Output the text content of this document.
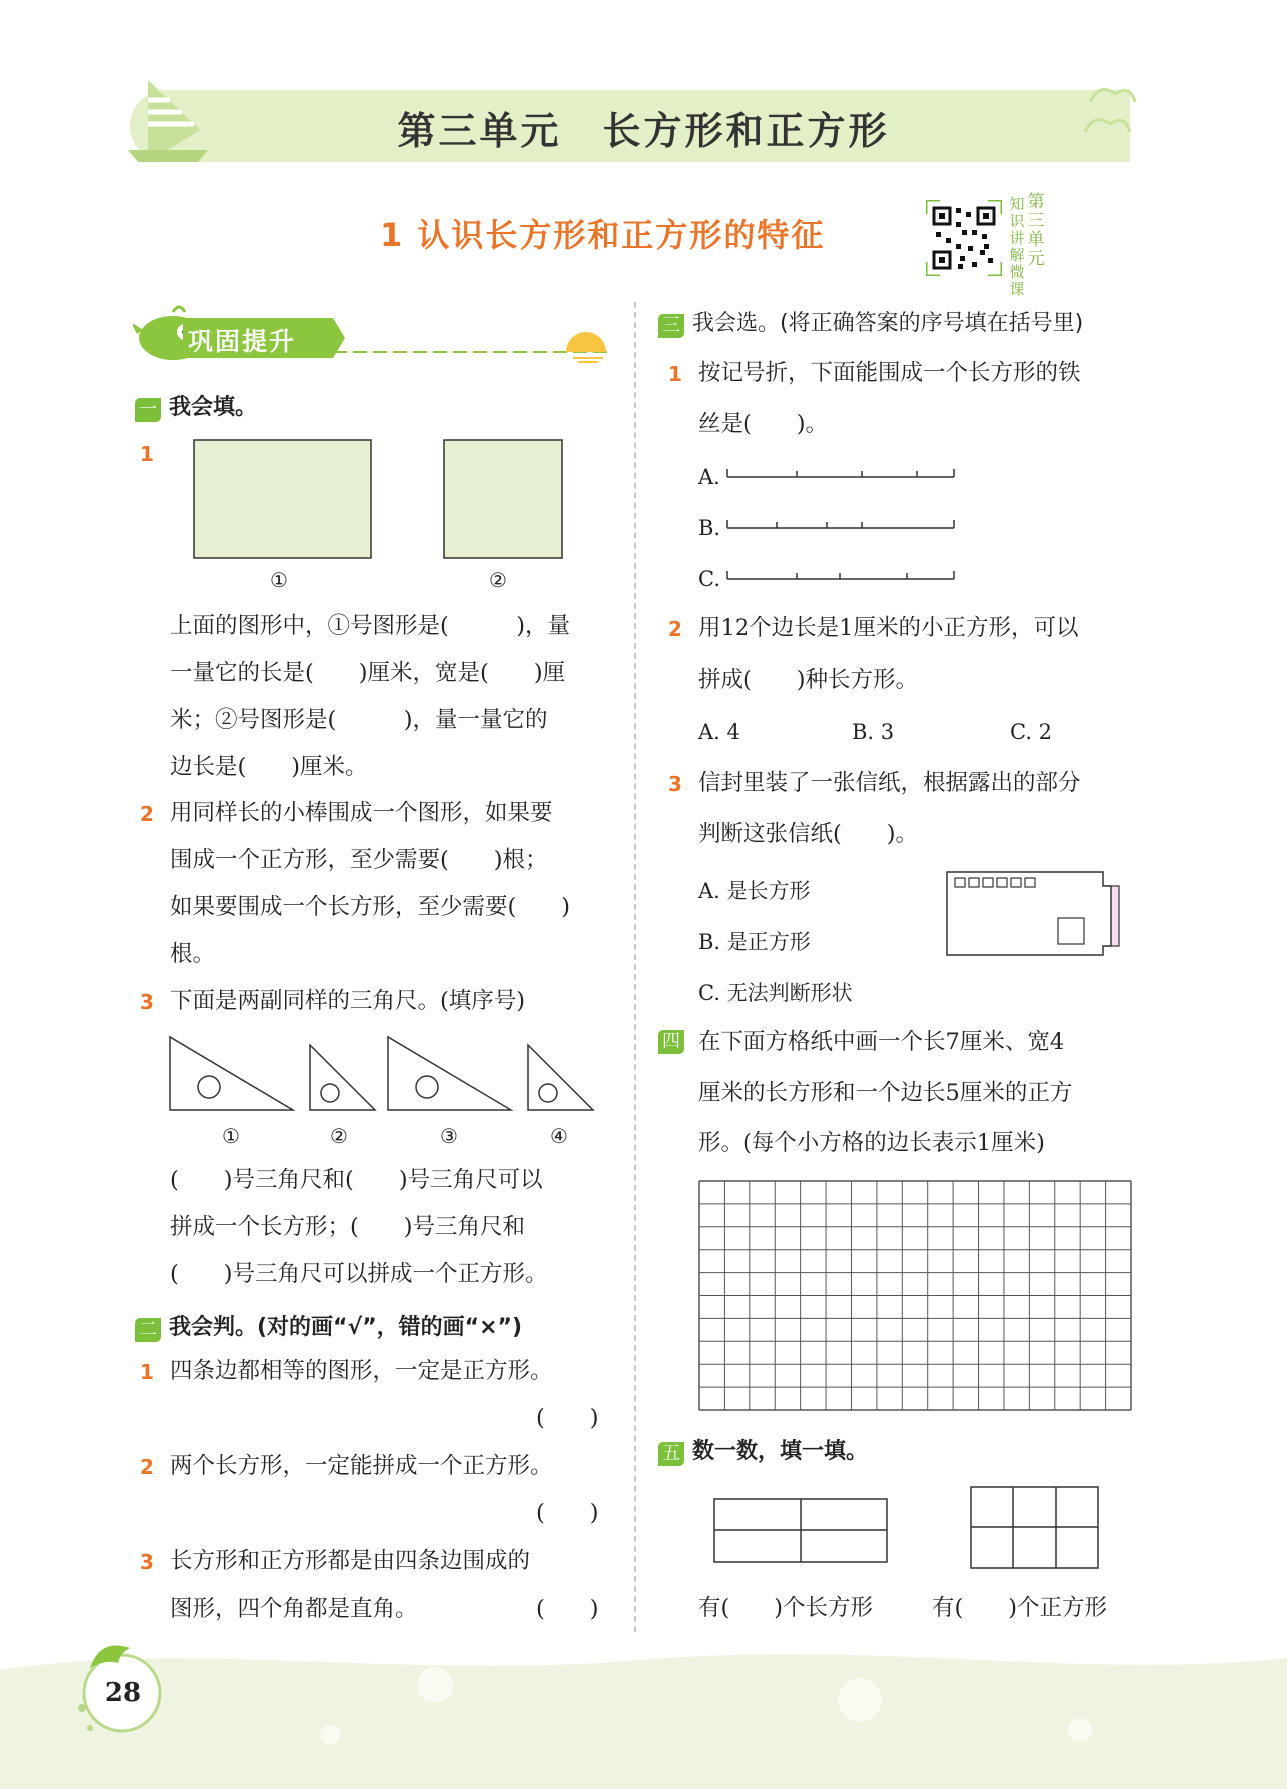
第三单元　长方形和正方形
1 认识长方形和正方形的特征
知识讲解微课
第三单元
巩固提升
一 我会填。
1
①	②
上面的图形中，①号图形是(　　　)，量
一量它的长是(　　)厘米，宽是(　　)厘
米；②号图形是(　　　)，量一量它的
边长是(　　)厘米。
2 用同样长的小棒围成一个图形，如果要
围成一个正方形，至少需要(　　)根；
如果要围成一个长方形，至少需要(　　)
根。
3 下面是两副同样的三角尺。(填序号)
①	②	③	④
(　　)号三角尺和(　　)号三角尺可以
拼成一个长方形；(　　)号三角尺和
(　　)号三角尺可以拼成一个正方形。
二 我会判。(对的画“√”，错的画“×”)
1 四条边都相等的图形，一定是正方形。
(　　)
2 两个长方形，一定能拼成一个正方形。
(　　)
3 长方形和正方形都是由四条边围成的
图形，四个角都是直角。	(　　)
三 我会选。(将正确答案的序号填在括号里)
1 按记号折，下面能围成一个长方形的铁
丝是(　　)。
A.
B.
C.
2 用12个边长是1厘米的小正方形，可以
拼成(　　)种长方形。
A. 4	B. 3	C. 2
3 信封里装了一张信纸，根据露出的部分
判断这张信纸(　　)。
A. 是长方形
B. 是正方形
C. 无法判断形状
四 在下面方格纸中画一个长7厘米、宽4
厘米的长方形和一个边长5厘米的正方
形。(每个小方格的边长表示1厘米)
五 数一数，填一填。
有(　　)个长方形	有(　　)个正方形
28
